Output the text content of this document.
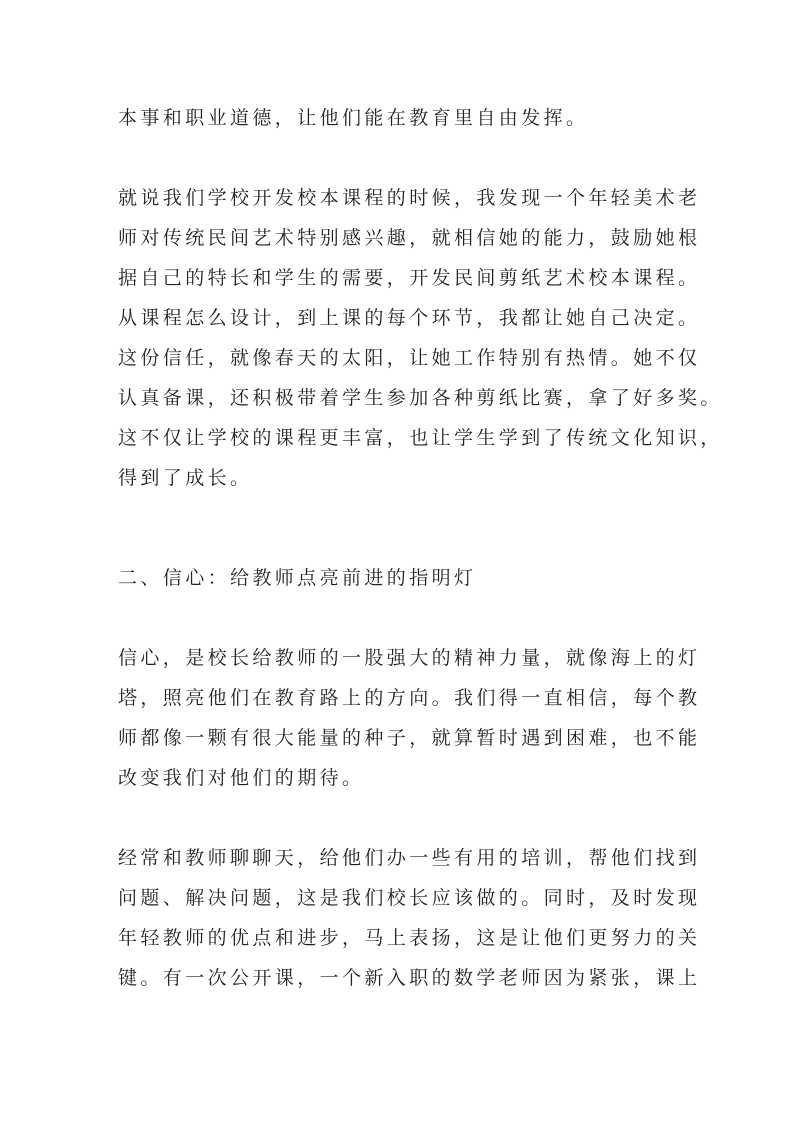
本事和职业道德，让他们能在教育里自由发挥。
就说我们学校开发校本课程的时候，我发现一个年轻美术老
师对传统民间艺术特别感兴趣，就相信她的能力，鼓励她根
据自己的特长和学生的需要，开发民间剪纸艺术校本课程。
从课程怎么设计，到上课的每个环节，我都让她自己决定。
这份信任，就像春天的太阳，让她工作特别有热情。她不仅
认真备课，还积极带着学生参加各种剪纸比赛，拿了好多奖。
这不仅让学校的课程更丰富，也让学生学到了传统文化知识，
得到了成长。
二、信心：给教师点亮前进的指明灯
信心，是校长给教师的一股强大的精神力量，就像海上的灯
塔，照亮他们在教育路上的方向。我们得一直相信，每个教
师都像一颗有很大能量的种子，就算暂时遇到困难，也不能
改变我们对他们的期待。
经常和教师聊聊天，给他们办一些有用的培训，帮他们找到
问题、解决问题，这是我们校长应该做的。同时，及时发现
年轻教师的优点和进步，马上表扬，这是让他们更努力的关
键。有一次公开课，一个新入职的数学老师因为紧张，课上
